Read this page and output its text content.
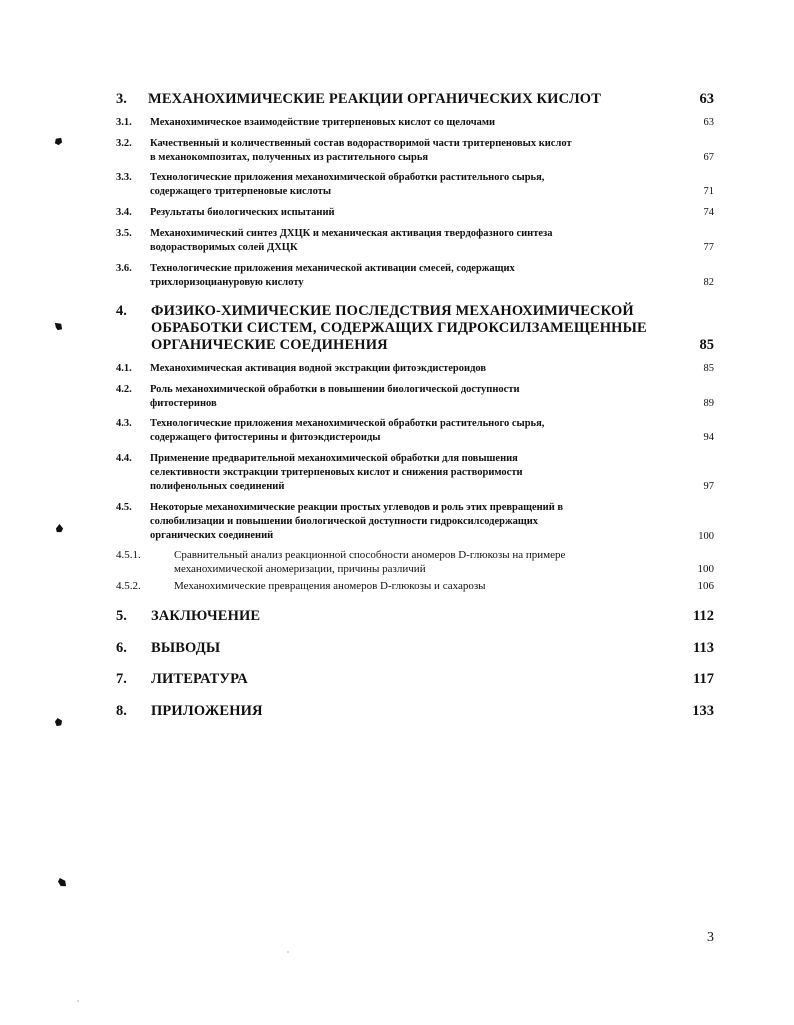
3. МЕХАНОХИМИЧЕСКИЕ РЕАКЦИИ ОРГАНИЧЕСКИХ КИСЛОТ	63
3.1. Механохимическое взаимодействие тритерпеновых кислот со щелочами	63
3.2. Качественный и количественный состав водорастворимой части тритерпеновых кислот
в механокомпозитах, полученных из растительного сырья	67
3.3. Технологические приложения механохимической обработки растительного сырья,
содержащего тритерпеновые кислоты	71
3.4. Результаты биологических испытаний	74
3.5. Механохимический синтез ДХЦК и механическая активация твердофазного синтеза
водорастворимых солей ДХЦК	77
3.6. Технологические приложения механической активации смесей, содержащих
трихлоризоциануровую кислоту	82
4. ФИЗИКО-ХИМИЧЕСКИЕ ПОСЛЕДСТВИЯ МЕХАНОХИМИЧЕСКОЙ
ОБРАБОТКИ СИСТЕМ, СОДЕРЖАЩИХ ГИДРОКСИЛЗАМЕЩЕННЫЕ
ОРГАНИЧЕСКИЕ СОЕДИНЕНИЯ	85
4.1. Механохимическая активация водной экстракции фитоэкдистероидов	85
4.2. Роль механохимической обработки в повышении биологической доступности
фитостеринов	89
4.3. Технологические приложения механохимической обработки растительного сырья,
содержащего фитостерины и фитоэкдистероиды	94
4.4. Применение предварительной механохимической обработки для повышения
селективности экстракции тритерпеновых кислот и снижения растворимости
полифенольных соединений	97
4.5. Некоторые механохимические реакции простых углеводов и роль этих превращений в
солюбилизации и повышении биологической доступности гидроксилсодержащих
органических соединений	100
4.5.1.	Сравнительный анализ реакционной способности аномеров D-глюкозы на примере
механохимической аномеризации, причины различий	100
4.5.2.	Механохимические превращения аномеров D-глюкозы и сахарозы	106
5. ЗАКЛЮЧЕНИЕ	112
6. ВЫВОДЫ	113
7. ЛИТЕРАТУРА	117
8. ПРИЛОЖЕНИЯ	133
3
